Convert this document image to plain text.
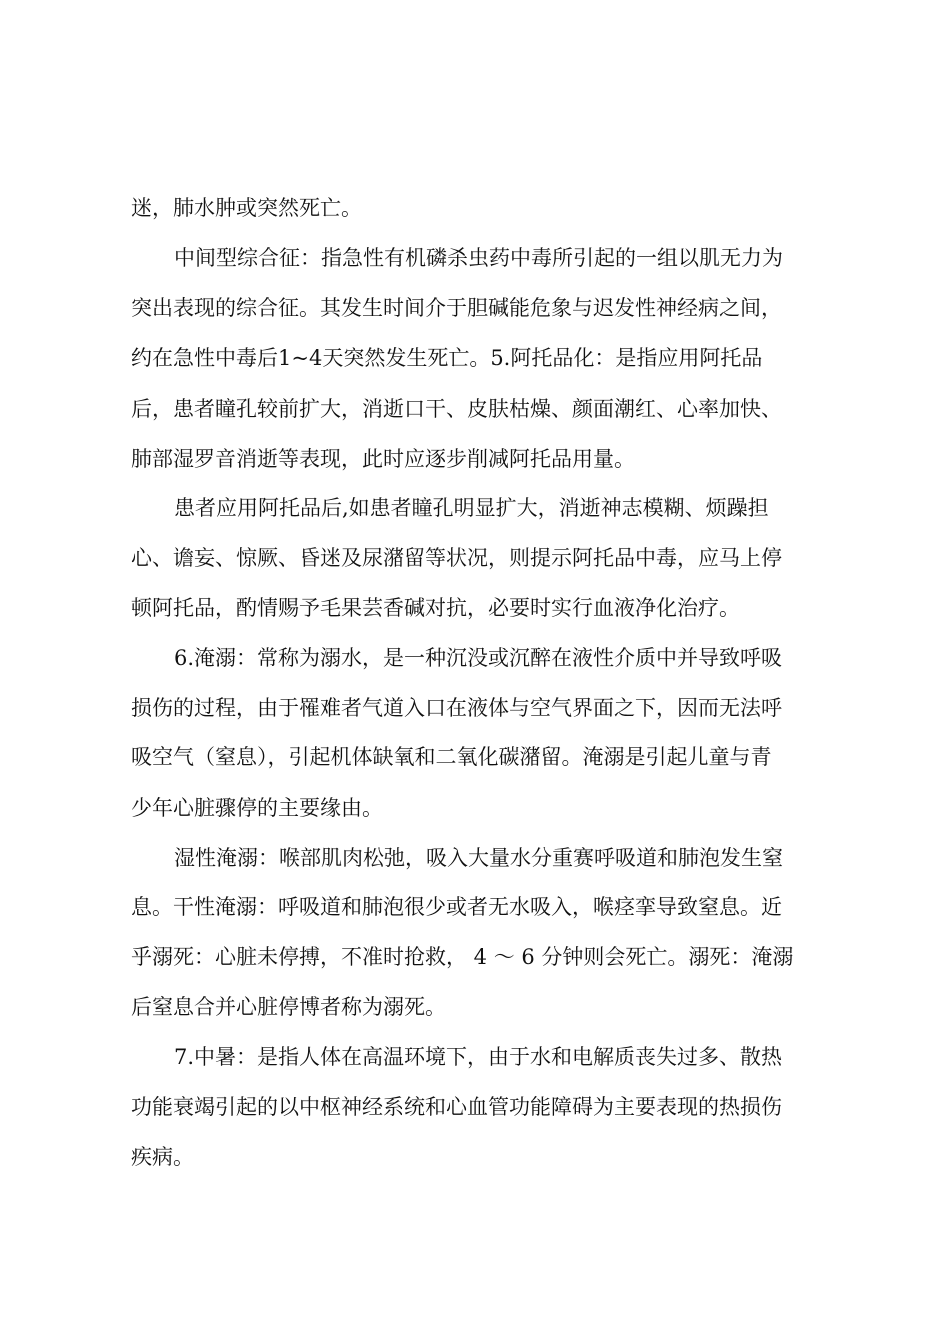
迷，肺水肿或突然死亡。
中间型综合征：指急性有机磷杀虫药中毒所引起的一组以肌无力为
突出表现的综合征。其发生时间介于胆碱能危象与迟发性神经病之间，
约在急性中毒后1~4天突然发生死亡。5.阿托品化：是指应用阿托品
后，患者瞳孔较前扩大，消逝口干、皮肤枯燥、颜面潮红、心率加快、
肺部湿罗音消逝等表现，此时应逐步削减阿托品用量。
患者应用阿托品后,如患者瞳孔明显扩大，消逝神志模糊、烦躁担
心、谵妄、惊厥、昏迷及尿潴留等状况，则提示阿托品中毒，应马上停
顿阿托品，酌情赐予毛果芸香碱对抗，必要时实行血液净化治疗。
6.淹溺：常称为溺水，是一种沉没或沉醉在液性介质中并导致呼吸
损伤的过程，由于罹难者气道入口在液体与空气界面之下，因而无法呼
吸空气（窒息），引起机体缺氧和二氧化碳潴留。淹溺是引起儿童与青
少年心脏骤停的主要缘由。
湿性淹溺：喉部肌肉松弛，吸入大量水分重赛呼吸道和肺泡发生窒
息。干性淹溺：呼吸道和肺泡很少或者无水吸入，喉痉挛导致窒息。近
乎溺死：心脏未停搏，不准时抢救， 4 ～ 6 分钟则会死亡。溺死：淹溺
后窒息合并心脏停博者称为溺死。
7.中暑：是指人体在高温环境下，由于水和电解质丧失过多、散热
功能衰竭引起的以中枢神经系统和心血管功能障碍为主要表现的热损伤
疾病。
